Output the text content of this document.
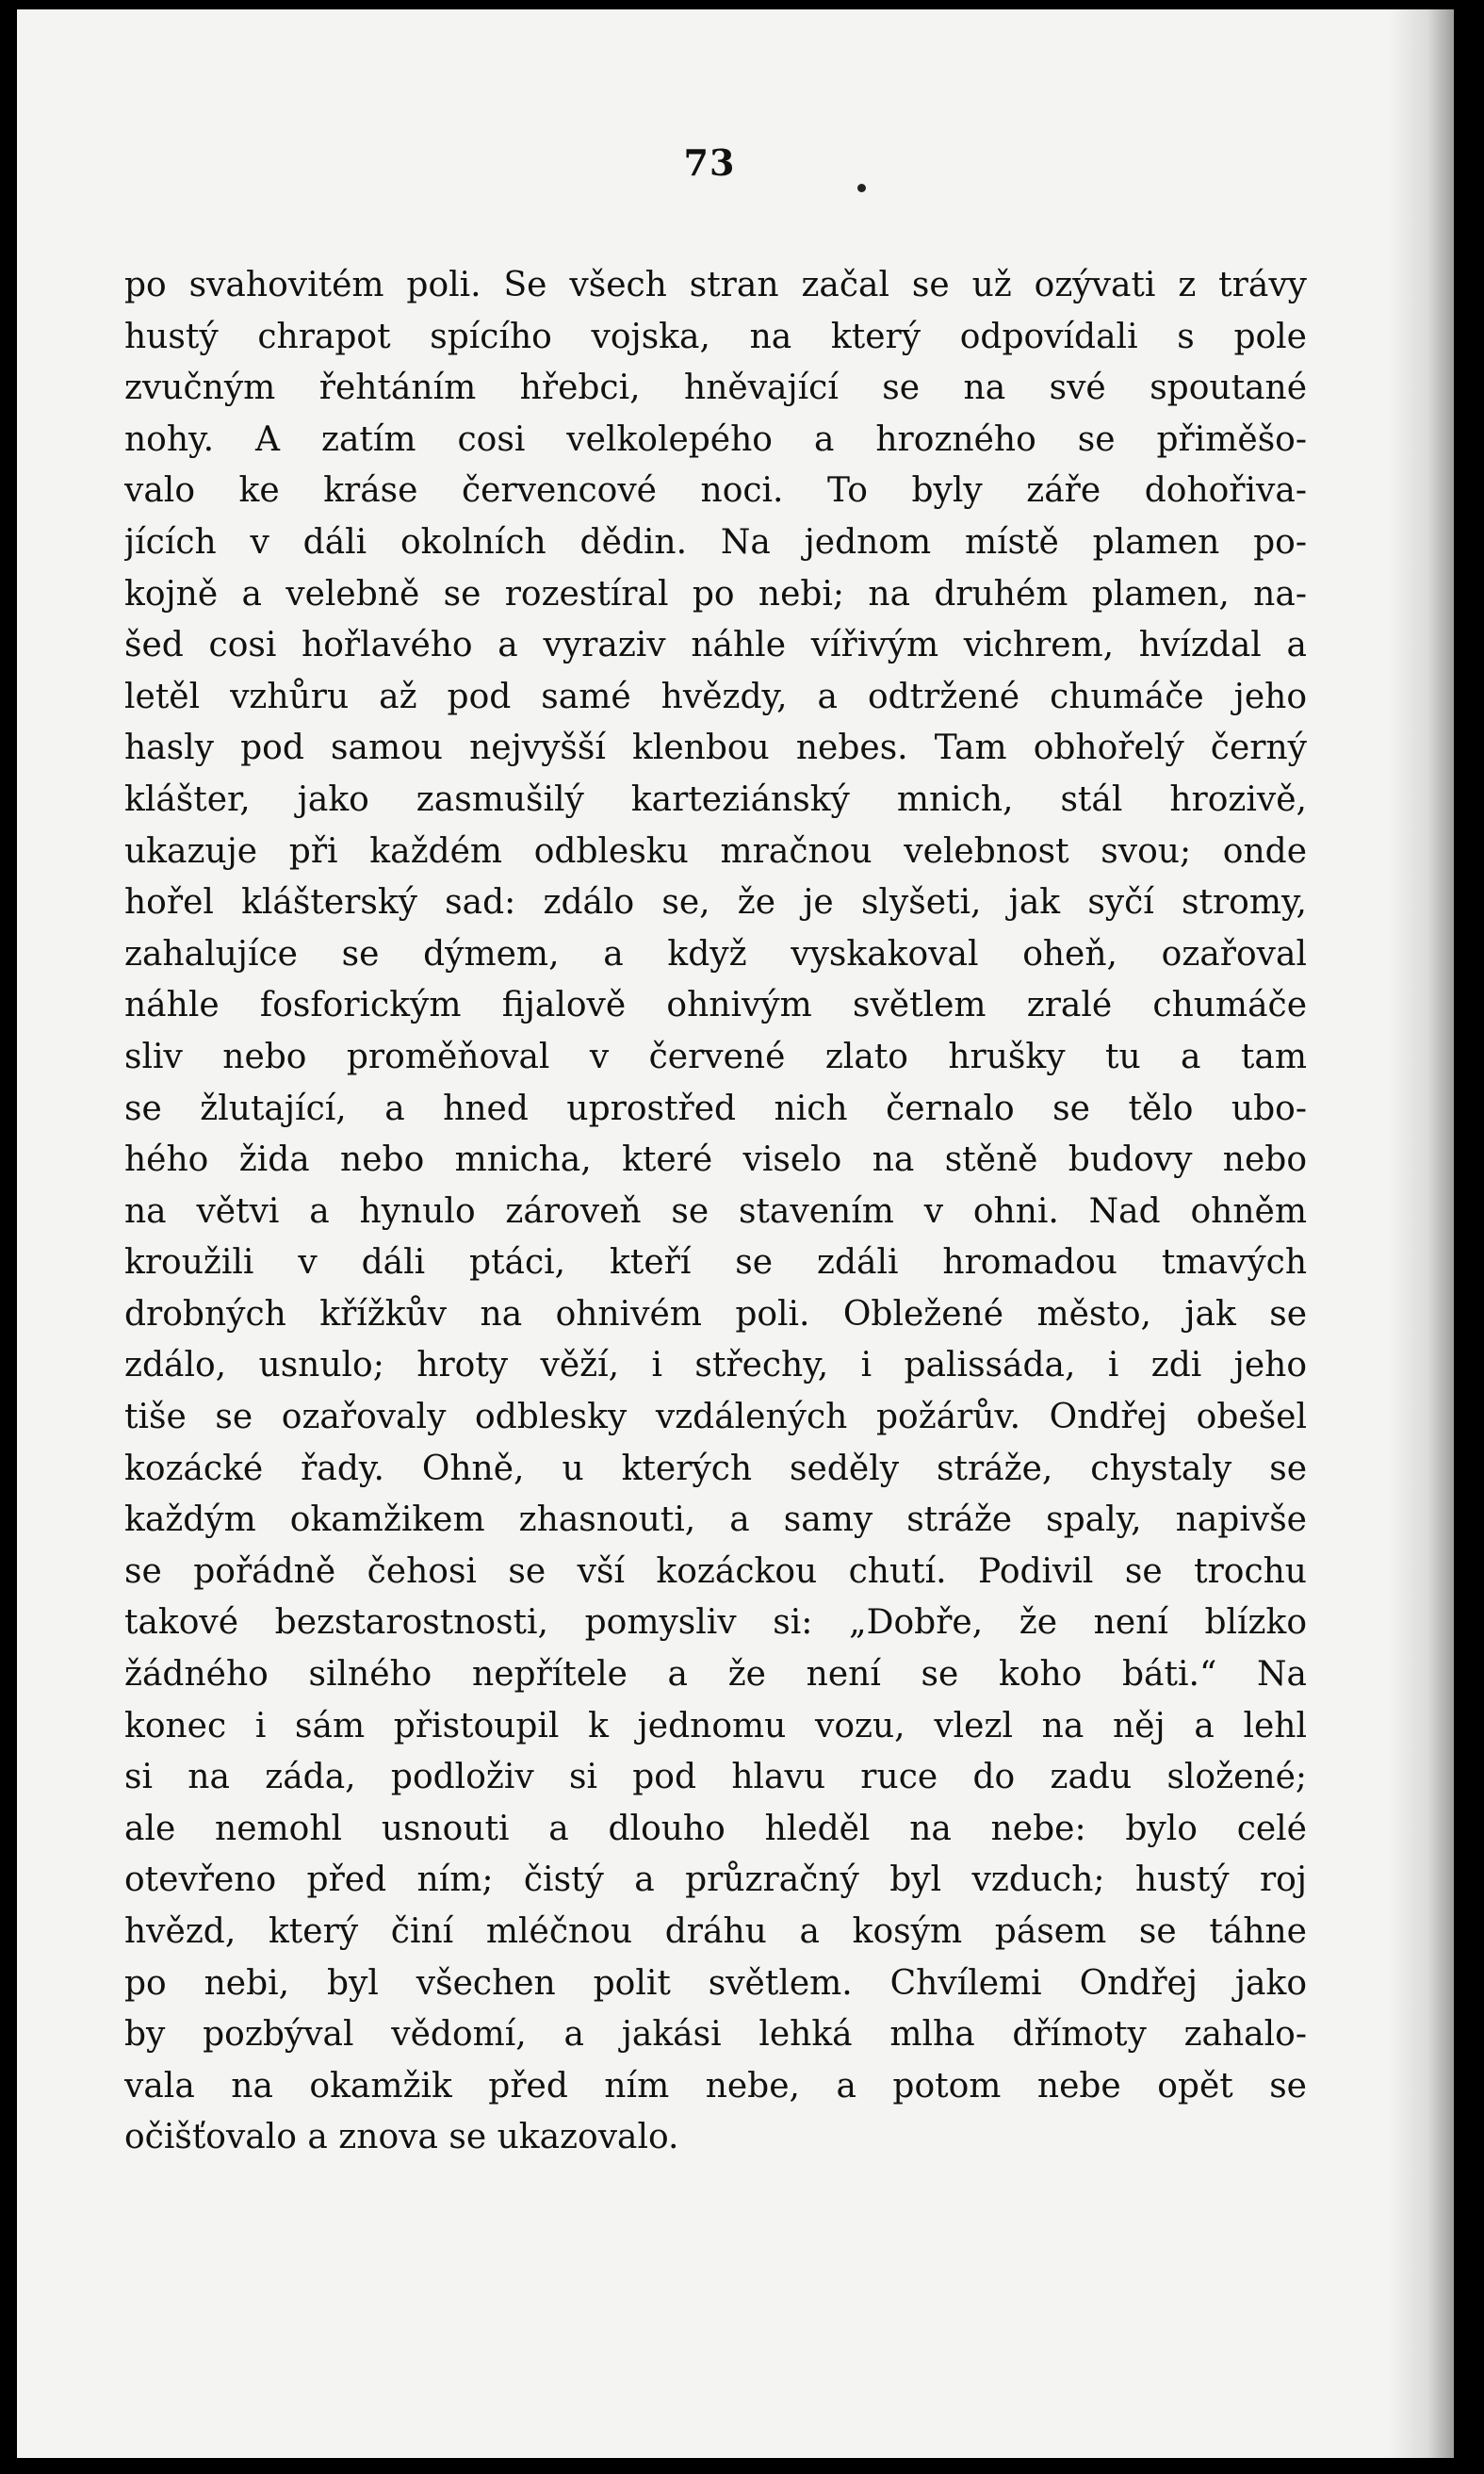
73
po svahovitém poli. Se všech stran začal se už ozývati z trávy
hustý chrapot spícího vojska, na který odpovídali s pole
zvučným řehtáním hřebci, hněvající se na své spoutané
nohy. A zatím cosi velkolepého a hrozného se přiměšo-
valo ke kráse červencové noci. To byly záře dohořiva-
jících v dáli okolních dědin. Na jednom místě plamen po-
kojně a velebně se rozestíral po nebi; na druhém plamen, na-
šed cosi hořlavého a vyraziv náhle vířivým vichrem, hvízdal a
letěl vzhůru až pod samé hvězdy, a odtržené chumáče jeho
hasly pod samou nejvyšší klenbou nebes. Tam obhořelý černý
klášter, jako zasmušilý karteziánský mnich, stál hrozivě,
ukazuje při každém odblesku mračnou velebnost svou; onde
hořel klášterský sad: zdálo se, že je slyšeti, jak syčí stromy,
zahalujíce se dýmem, a když vyskakoval oheň, ozařoval
náhle fosforickým fijalově ohnivým světlem zralé chumáče
sliv nebo proměňoval v červené zlato hrušky tu a tam
se žlutající, a hned uprostřed nich černalo se tělo ubo-
hého žida nebo mnicha, které viselo na stěně budovy nebo
na větvi a hynulo zároveň se stavením v ohni. Nad ohněm
kroužili v dáli ptáci, kteří se zdáli hromadou tmavých
drobných křížkův na ohnivém poli. Obležené město, jak se
zdálo, usnulo; hroty věží, i střechy, i palissáda, i zdi jeho
tiše se ozařovaly odblesky vzdálených požárův. Ondřej obešel
kozácké řady. Ohně, u kterých seděly stráže, chystaly se
každým okamžikem zhasnouti, a samy stráže spaly, napivše
se pořádně čehosi se vší kozáckou chutí. Podivil se trochu
takové bezstarostnosti, pomysliv si: „Dobře, že není blízko
žádného silného nepřítele a že není se koho báti.“ Na
konec i sám přistoupil k jednomu vozu, vlezl na něj a lehl
si na záda, podloživ si pod hlavu ruce do zadu složené;
ale nemohl usnouti a dlouho hleděl na nebe: bylo celé
otevřeno před ním; čistý a průzračný byl vzduch; hustý roj
hvězd, který činí mléčnou dráhu a kosým pásem se táhne
po nebi, byl všechen polit světlem. Chvílemi Ondřej jako
by pozbýval vědomí, a jakási lehká mlha dřímoty zahalo-
vala na okamžik před ním nebe, a potom nebe opět se
očišťovalo a znova se ukazovalo.
